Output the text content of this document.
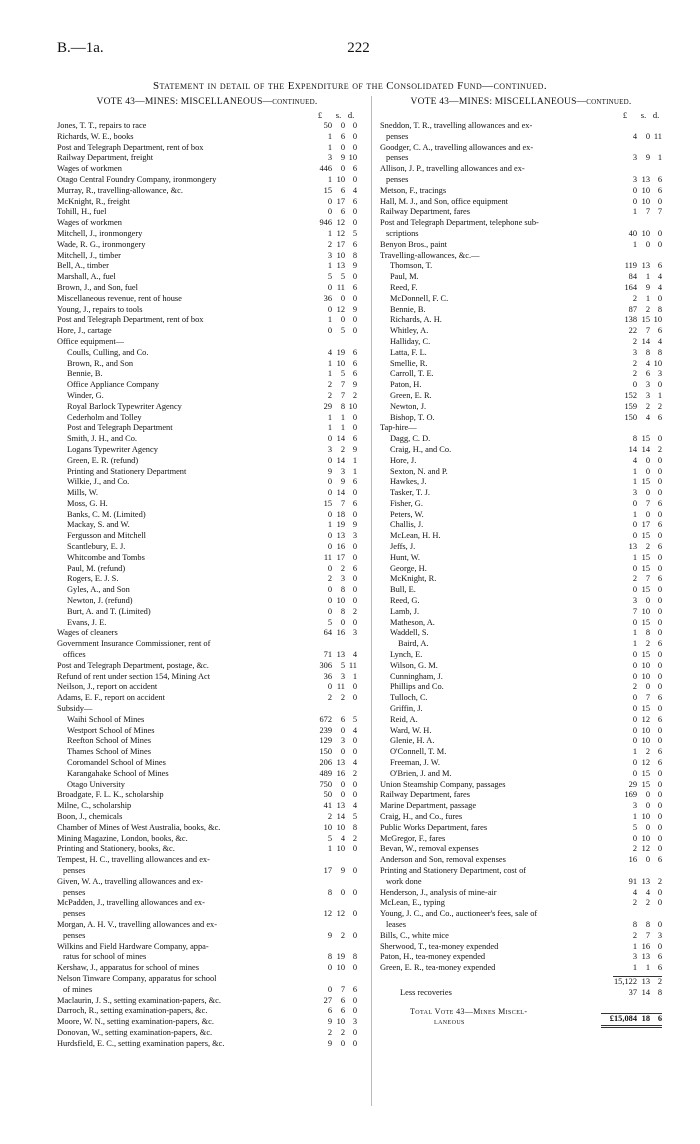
B.—1a.	222
Statement in detail of the Expenditure of the Consolidated Fund—continued.
VOTE 43—MINES: MISCELLANEOUS—continued.
£	s. d.
Jones, T. T., repairs to race	50	0 0
Richards, W. E., books	1	6 0
Post and Telegraph Department, rent of box	1	0 0
Railway Department, freight	3	9 10
Wages of workmen	446	0 6
Otago Central Foundry Company, ironmongery	1 10 0
Murray, R., travelling-allowance, &c.	15	6 4
McKnight, R., freight	0 17 6
Tohill, H., fuel	0	6 0
Wages of workmen	946 12 0
Mitchell, J., ironmongery	1 12 5
Wade, R. G., ironmongery	2 17 6
Mitchell, J., timber	3 10 8
Bell, A., timber	1 13 9
Marshall, A., fuel	5	5 0
Brown, J., and Son, fuel	0 11 6
Miscellaneous revenue, rent of house	36	0 0
Young, J., repairs to tools	0 12 9
Post and Telegraph Department, rent of box	1	0 0
Hore, J., cartage	0	5 0
Office equipment—
Coulls, Culling, and Co.	4 19 6
Brown, R., and Son	1 10 6
Bennie, B.	1	5 6
Office Appliance Company	2	7 9
Winder, G.	2	7 2
Royal Barlock Typewriter Agency	29	8 10
Cederholm and Tolley	1	1 0
Post and Telegraph Department	1	1 0
Smith, J. H., and Co.	0 14 6
Logans Typewriter Agency	3	2 9
Green, E. R. (refund)	0 14 1
Printing and Stationery Department	9	3 1
Wilkie, J., and Co.	0	9 6
Mills, W.	0 14 0
Moss, G. H.	15	7 6
Banks, C. M. (Limited)	0 18 0
Mackay, S. and W.	1 19 9
Fergusson and Mitchell	0 13 3
Scantlebury, E. J.	0 16 0
Whitcombe and Tombs	11 17 0
Paul, M. (refund)	0	2 6
Rogers, E. J. S.	2	3 0
Gyles, A., and Son	0	8 0
Newton, J. (refund)	0 10 0
Burt, A. and T. (Limited)	0	8 2
Evans, J. E.	5	0 0
Wages of cleaners	64 16 3
Government Insurance Commissioner, rent of
offices	71 13 4
Post and Telegraph Department, postage, &c.	306	5 11
Refund of rent under section 154, Mining Act	36	3 1
Neilson, J., report on accident	0 11 0
Adams, E. F., report on accident	2	2 0
Subsidy—
Waihi School of Mines	672	6 5
Westport School of Mines	239	0 4
Reefton School of Mines	129	3 0
Thames School of Mines	150	0 0
Coromandel School of Mines	206 13 4
Karangahake School of Mines	489 16 2
Otago University	750	0 0
Broadgate, F. L. K., scholarship	50	0 0
Milne, C., scholarship	41 13 4
Boon, J., chemicals	2 14 5
Chamber of Mines of West Australia, books, &c.	10 10 8
Mining Magazine, London, books, &c.	5	4 2
Printing and Stationery, books, &c.	1 10 0
Tempest, H. C., travelling allowances and ex-
penses	17	9 0
Given, W. A., travelling allowances and ex-
penses	8	0 0
McPadden, J., travelling allowances and ex-
penses	12 12 0
Morgan, A. H. V., travelling allowances and ex-
penses	9	2 0
Wilkins and Field Hardware Company, appa-
ratus for school of mines	8 19 8
Kershaw, J., apparatus for school of mines	0 10 0
Nelson Tinware Company, apparatus for school
of mines	0	7 6
Maclaurin, J. S., setting examination-papers, &c.	27	6 0
Darroch, R., setting examination-papers, &c.	6	6 0
Moore, W. N., setting examination-papers, &c.	9 10 3
Donovan, W., setting examination-papers, &c.	2	2 0
Hurdsfield, E. C., setting examination papers, &c.	9	0 0
VOTE 43—MINES: MISCELLANEOUS—continued.
£	s. d.
Sneddon, T. R., travelling allowances and ex-
penses	4	0 11
Goodger, C. A., travelling allowances and ex-
penses	3	9 1
Allison, J. P., travelling allowances and ex-
penses	3 13 6
Metson, F., tracings	0 10 6
Hall, M. J., and Son, office equipment	0 10 0
Railway Department, fares	1	7 7
Post and Telegraph Department, telephone sub-
scriptions	40 10 0
Benyon Bros., paint	1	0 0
Travelling-allowances, &c.—
Thomson, T.	119 13 6
Paul, M.	84	1 4
Reed, F.	164	9 4
McDonnell, F. C.	2	1 0
Bennie, B.	87	2 8
Richards, A. H.	138 15 10
Whitley, A.	22	7 6
Halliday, C.	2 14 4
Latta, F. L.	3	8 8
Smellie, R.	2	4 10
Carroll, T. E.	2	6 3
Paton, H.	0	3 0
Green, E. R.	152	3 1
Newton, J.	159	2 2
Bishop, T. O.	150	4 6
Tap-hire—
Dagg, C. D.	8 15 0
Craig, H., and Co.	14 14 2
Hore, J.	4	0 0
Sexton, N. and P.	1	0 0
Hawkes, J.	1 15 0
Tasker, T. J.	3	0 0
Fisher, G.	0	7 6
Peters, W.	1	0 0
Challis, J.	0 17 6
McLean, H. H.	0 15 0
Jeffs, J.	13	2 6
Hunt, W.	1 15 0
George, H.	0 15 0
McKnight, R.	2	7 6
Bull, E.	0 15 0
Reed, G.	3	0 0
Lamb, J.	7 10 0
Matheson, A.	0 15 0
Waddell, S.	1	8 0
Baird, A.	1	2 6
Lynch, E.	0 15 0
Wilson, G. M.	0 10 0
Cunningham, J.	0 10 0
Phillips and Co.	2	0 0
Tulloch, C.	0	7 6
Griffin, J.	0 15 0
Reid, A.	0 12 6
Ward, W. H.	0 10 0
Glenie, H. A.	0 10 0
O'Connell, T. M.	1	2 6
Freeman, J. W.	0 12 6
O'Brien, J. and M.	0 15 0
Union Steamship Company, passages	29 15 0
Railway Department, fares	169	0 0
Marine Department, passage	3	0 0
Craig, H., and Co., fures	1 10 0
Public Works Department, fares	5	0 0
McGregor, F., fares	0 10 0
Bevan, W., removal expenses	2 12 0
Anderson and Son, removal expenses	16	0 6
Printing and Stationery Department, cost of
work done	91 13 2
Henderson, J., analysis of mine-air	4	4 0
McLean, E., typing	2	2 0
Young, J. C., and Co., auctioneer's fees, sale of
leases	8	8 0
Bills, C., white mice	2	7 3
Sherwood, T., tea-money expended	1 16 0
Paton, H., tea-money expended	3 13 6
Green, E. R., tea-money expended	1	1 6
15,122 13 2
Less recoveries	37 14 8
Total Vote 43—Mines Miscel-
laneous	£15,084 18 6
